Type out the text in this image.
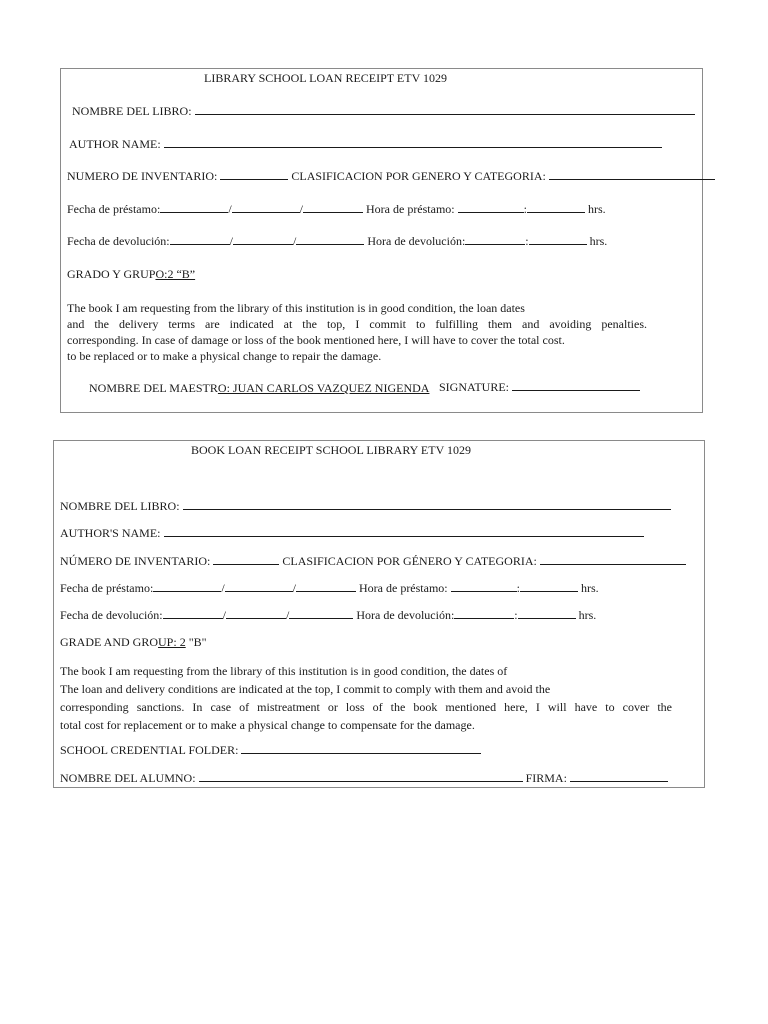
LIBRARY SCHOOL LOAN RECEIPT ETV 1029
NOMBRE DEL LIBRO:
AUTHOR NAME:
NUMERO DE INVENTARIO:	CLASIFICACION POR GENERO Y CATEGORIA:
Fecha de préstamo:	/	/	Hora de préstamo:	:	hrs.
Fecha de devolución:	/	/	Hora de devolución:	:	hrs.
GRADO Y GRUPO:2 “B”
The book I am requesting from the library of this institution is in good condition, the loan dates
and the delivery terms are indicated at the top, I commit to fulfilling them and avoiding penalties.
corresponding. In case of damage or loss of the book mentioned here, I will have to cover the total cost.
to be replaced or to make a physical change to repair the damage.
NOMBRE DEL MAESTRO: JUAN CARLOS VAZQUEZ NIGENDA SIGNATURE:
BOOK LOAN RECEIPT SCHOOL LIBRARY ETV 1029
NOMBRE DEL LIBRO:
AUTHOR'S NAME:
NÚMERO DE INVENTARIO:	CLASIFICACION POR GÉNERO Y CATEGORIA:
Fecha de préstamo:	/	/	Hora de préstamo:	:	hrs.
Fecha de devolución:	/	/	Hora de devolución:	:	hrs.
GRADE AND GROUP: 2 "B"
The book I am requesting from the library of this institution is in good condition, the dates of
The loan and delivery conditions are indicated at the top, I commit to comply with them and avoid the
corresponding sanctions. In case of mistreatment or loss of the book mentioned here, I will have to cover the
total cost for replacement or to make a physical change to compensate for the damage.
SCHOOL CREDENTIAL FOLDER:
NOMBRE DEL ALUMNO:	FIRMA:
